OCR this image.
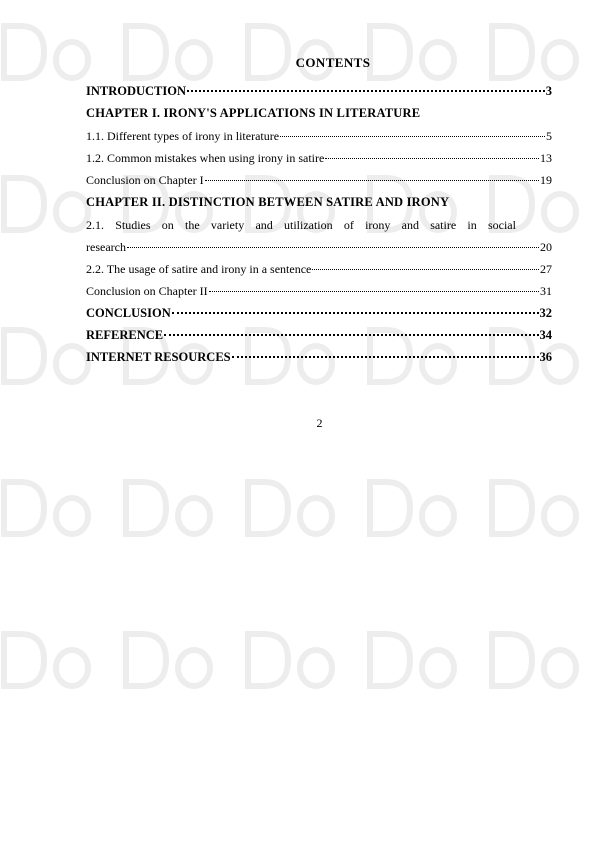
CONTENTS
INTRODUCTION	3
CHAPTER I. IRONY'S APPLICATIONS IN LITERATURE
1.1. Different types of irony in literature	5
1.2. Common mistakes when using irony in satire	13
Conclusion on Chapter I	19
CHAPTER II. DISTINCTION BETWEEN SATIRE AND IRONY
2.1. Studies on the variety and utilization of irony and satire in social
research	20
2.2. The usage of satire and irony in a sentence	27
Conclusion on Chapter II	31
CONCLUSION	32
REFERENCE	34
INTERNET RESOURCES	36
2
